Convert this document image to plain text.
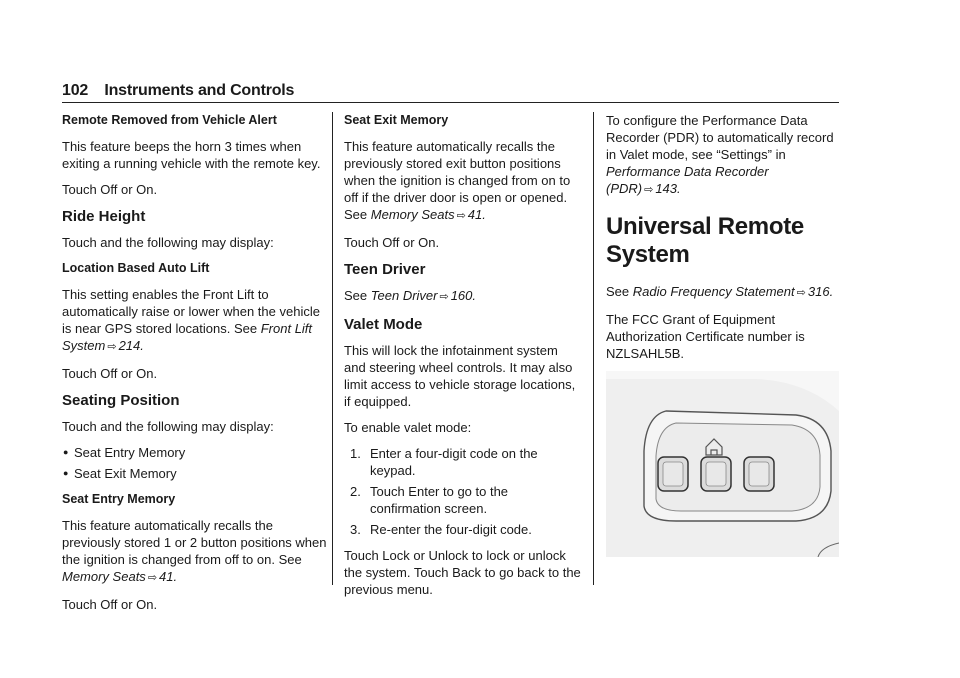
102 Instruments and Controls

Remote Removed from Vehicle Alert

This feature beeps the horn 3 times when exiting a running vehicle with the remote key.

Touch Off or On.

Ride Height

Touch and the following may display:

Location Based Auto Lift

This setting enables the Front Lift to automatically raise or lower when the vehicle is near GPS stored locations. See Front Lift System ⇨ 214.

Touch Off or On.

Seating Position

Touch and the following may display:

● Seat Entry Memory
● Seat Exit Memory

Seat Entry Memory

This feature automatically recalls the previously stored 1 or 2 button positions when the ignition is changed from off to on. See Memory Seats ⇨ 41.

Touch Off or On.

Seat Exit Memory

This feature automatically recalls the previously stored exit button positions when the ignition is changed from on to off if the driver door is open or opened. See Memory Seats ⇨ 41.

Touch Off or On.

Teen Driver

See Teen Driver ⇨ 160.

Valet Mode

This will lock the infotainment system and steering wheel controls. It may also limit access to vehicle storage locations, if equipped.

To enable valet mode:

1. Enter a four-digit code on the keypad.
2. Touch Enter to go to the confirmation screen.
3. Re-enter the four-digit code.

Touch Lock or Unlock to lock or unlock the system. Touch Back to go back to the previous menu.

To configure the Performance Data Recorder (PDR) to automatically record in Valet mode, see “Settings” in Performance Data Recorder (PDR) ⇨ 143.

Universal Remote System

See Radio Frequency Statement ⇨ 316.

The FCC Grant of Equipment Authorization Certificate number is NZLSAHL5B.
